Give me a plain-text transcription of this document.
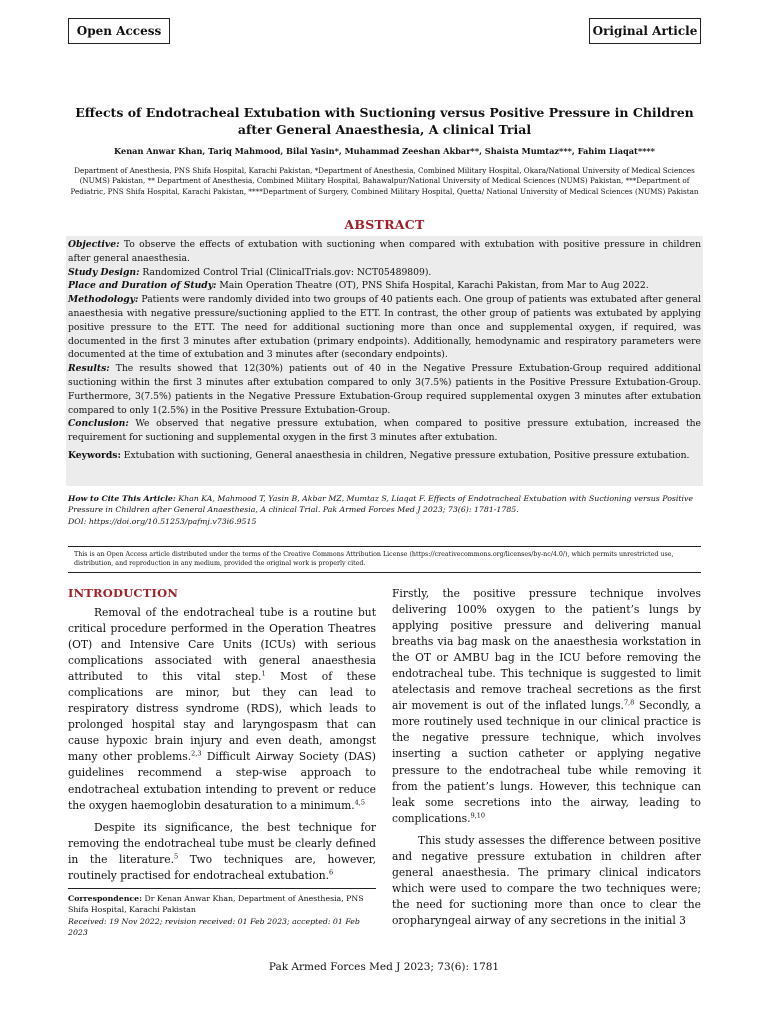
Open Access	Original Article
Effects of Endotracheal Extubation with Suctioning versus Positive Pressure in Children after General Anaesthesia, A clinical Trial
Kenan Anwar Khan, Tariq Mahmood, Bilal Yasin*, Muhammad Zeeshan Akbar**, Shaista Mumtaz***, Fahim Liaqat****
Department of Anesthesia, PNS Shifa Hospital, Karachi Pakistan, *Department of Anesthesia, Combined Military Hospital, Okara/National University of Medical Sciences (NUMS) Pakistan, ** Department of Anesthesia, Combined Military Hospital, Bahawalpur/National University of Medical Sciences (NUMS) Pakistan, ***Department of Pediatric, PNS Shifa Hospital, Karachi Pakistan, ****Department of Surgery, Combined Military Hospital, Quetta/ National University of Medical Sciences (NUMS) Pakistan
ABSTRACT

Objective: To observe the effects of extubation with suctioning when compared with extubation with positive pressure in children after general anaesthesia.

Study Design: Randomized Control Trial (ClinicalTrials.gov: NCT05489809).

Place and Duration of Study: Main Operation Theatre (OT), PNS Shifa Hospital, Karachi Pakistan, from Mar to Aug 2022.

Methodology: Patients were randomly divided into two groups of 40 patients each. One group of patients was extubated after general anaesthesia with negative pressure/suctioning applied to the ETT. In contrast, the other group of patients was extubated by applying positive pressure to the ETT. The need for additional suctioning more than once and supplemental oxygen, if required, was documented in the first 3 minutes after extubation (primary endpoints). Additionally, hemodynamic and respiratory parameters were documented at the time of extubation and 3 minutes after (secondary endpoints).

Results: The results showed that 12(30%) patients out of 40 in the Negative Pressure Extubation-Group required additional suctioning within the first 3 minutes after extubation compared to only 3(7.5%) patients in the Positive Pressure Extubation-Group. Furthermore, 3(7.5%) patients in the Negative Pressure Extubation-Group required supplemental oxygen 3 minutes after extubation compared to only 1(2.5%) in the Positive Pressure Extubation-Group.

Conclusion: We observed that negative pressure extubation, when compared to positive pressure extubation, increased the requirement for suctioning and supplemental oxygen in the first 3 minutes after extubation.

Keywords: Extubation with suctioning, General anaesthesia in children, Negative pressure extubation, Positive pressure extubation.

How to Cite This Article: Khan KA, Mahmood T, Yasin B, Akbar MZ, Mumtaz S, Liaqat F. Effects of Endotracheal Extubation with Suctioning versus Positive Pressure in Children after General Anaesthesia, A clinical Trial. Pak Armed Forces Med J 2023; 73(6): 1781-1785.
DOI: https://doi.org/10.51253/pafmj.v73i6.9515
This is an Open Access article distributed under the terms of the Creative Commons Attribution License (https://creativecommons.org/licenses/by-nc/4.0/), which permits unrestricted use, distribution, and reproduction in any medium, provided the original work is properly cited.
INTRODUCTION

Removal of the endotracheal tube is a routine but critical procedure performed in the Operation Theatres (OT) and Intensive Care Units (ICUs) with serious complications associated with general anaesthesia attributed to this vital step.$^1$ Most of these complications are minor, but they can lead to respiratory distress syndrome (RDS), which leads to prolonged hospital stay and laryngospasm that can cause hypoxic brain injury and even death, amongst many other problems.$^{2,3}$ Difficult Airway Society (DAS) guidelines recommend a step-wise approach to endotracheal extubation intending to prevent or reduce the oxygen haemoglobin desaturation to a minimum.$^{4,5}$

Despite its significance, the best technique for removing the endotracheal tube must be clearly defined in the literature.$^5$ Two techniques are, however, routinely practised for endotracheal extubation.$^6$

Firstly, the positive pressure technique involves delivering 100% oxygen to the patient’s lungs by applying positive pressure and delivering manual breaths via bag mask on the anaesthesia workstation in the OT or AMBU bag in the ICU before removing the endotracheal tube. This technique is suggested to limit atelectasis and remove tracheal secretions as the first air movement is out of the inflated lungs.$^{7,8}$ Secondly, a more routinely used technique in our clinical practice is the negative pressure technique, which involves inserting a suction catheter or applying negative pressure to the endotracheal tube while removing it from the patient’s lungs. However, this technique can leak some secretions into the airway, leading to complications.$^{9,10}$

This study assesses the difference between positive and negative pressure extubation in children after general anaesthesia. The primary clinical indicators which were used to compare the two techniques were; the need for suctioning more than once to clear the oropharyngeal airway of any secretions in the initial 3

Correspondence: Dr Kenan Anwar Khan, Department of Anesthesia, PNS Shifa Hospital, Karachi Pakistan
Received: 19 Nov 2022; revision received: 01 Feb 2023; accepted: 01 Feb 2023
Pak Armed Forces Med J 2023; 73(6): 1781
